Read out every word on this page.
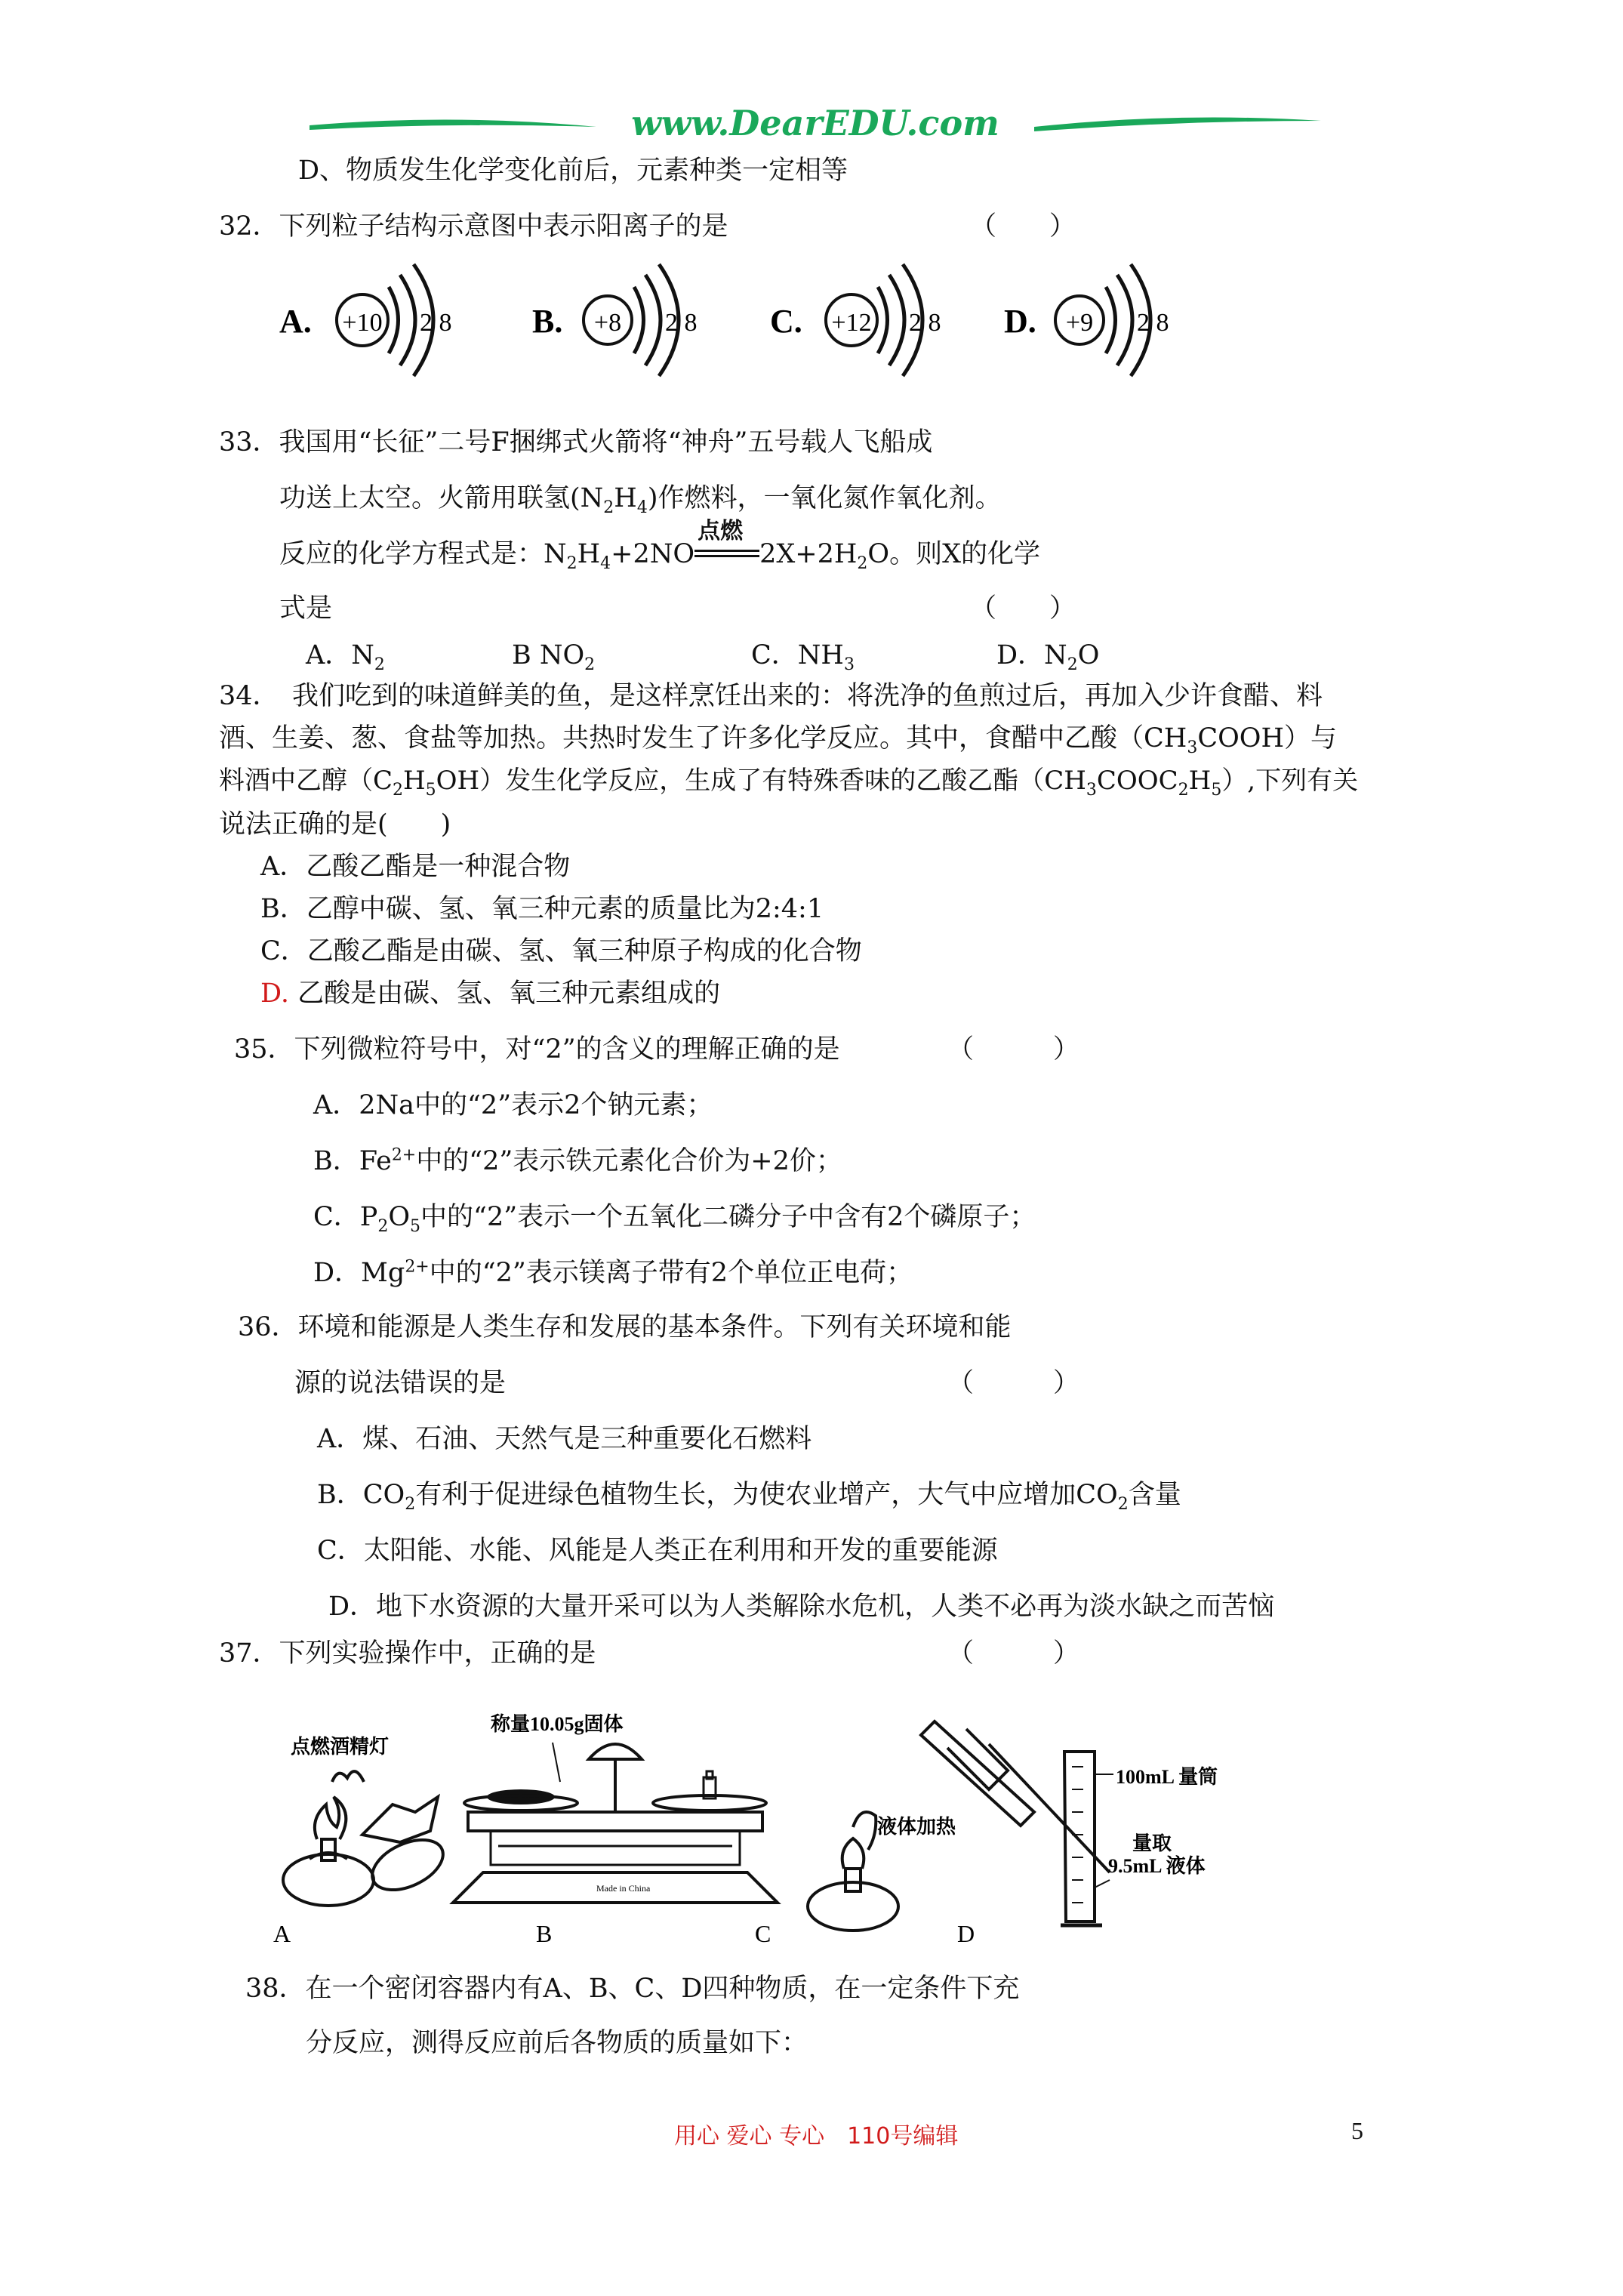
www.DearEDU.com
D、物质发生化学变化前后，元素种类一定相等
32．下列粒子结构示意图中表示阳离子的是	（　　）
A. +10 2 8 B. +8 2 8 C. +12 2 8 D. +9 2 8
33．我国用“长征”二号F捆绑式火箭将“神舟”五号载人飞船成
功送上太空。火箭用联氢$(N_2H_4)$作燃料，一氧化氮作氧化剂。
反应的化学方程式是：$N_2H_4+2NO$
点燃
$2X+2H_2O$。则X的化学
式是	（　　）
A．$N_2$	B $NO_2$	C．$NH_3$	D．$N_2O$
34．　我们吃到的味道鲜美的鱼，是这样烹饪出来的：将洗净的鱼煎过后，再加入少许食醋、料
酒、生姜、葱、食盐等加热。共热时发生了许多化学反应。其中，食醋中乙酸$(CH_3COOH)$与
料酒中乙醇$(C_2H_5OH)$发生化学反应，生成了有特殊香味的乙酸乙酯$(CH_3COOC_2H_5)$,下列有关
说法正确的是(　　)
A．乙酸乙酯是一种混合物
B．乙醇中碳、氢、氧三种元素的质量比为2:4:1
C．乙酸乙酯是由碳、氢、氧三种原子构成的化合物
D. 乙酸是由碳、氢、氧三种元素组成的
35．下列微粒符号中，对“2”的含义的理解正确的是	（　　　）
A．2Na中的“2”表示2个钠元素；
B．$Fe^{2+}$中的“2”表示铁元素化合价为+2价；
C．$P_2O_5$中的“2”表示一个五氧化二磷分子中含有2个磷原子；
D．$Mg^{2+}$中的“2”表示镁离子带有2个单位正电荷；
36．环境和能源是人类生存和发展的基本条件。下列有关环境和能
源的说法错误的是	（　　　）
A．煤、石油、天然气是三种重要化石燃料
B．$CO_2$有利于促进绿色植物生长，为使农业增产，大气中应增加$CO_2$含量
C．太阳能、水能、风能是人类正在利用和开发的重要能源
D．地下水资源的大量开采可以为人类解除水危机，人类不必再为淡水缺之而苦恼
37．下列实验操作中，正确的是	（　　　）
点燃酒精灯
A
称量10.05g固体
Made in China
B
液体加热
C
100mL 量筒
量取
9.5mL 液体
D
38．在一个密闭容器内有A、B、C、D四种物质，在一定条件下充
分反应，测得反应前后各物质的质量如下：
用心 爱心 专心　110号编辑	5
